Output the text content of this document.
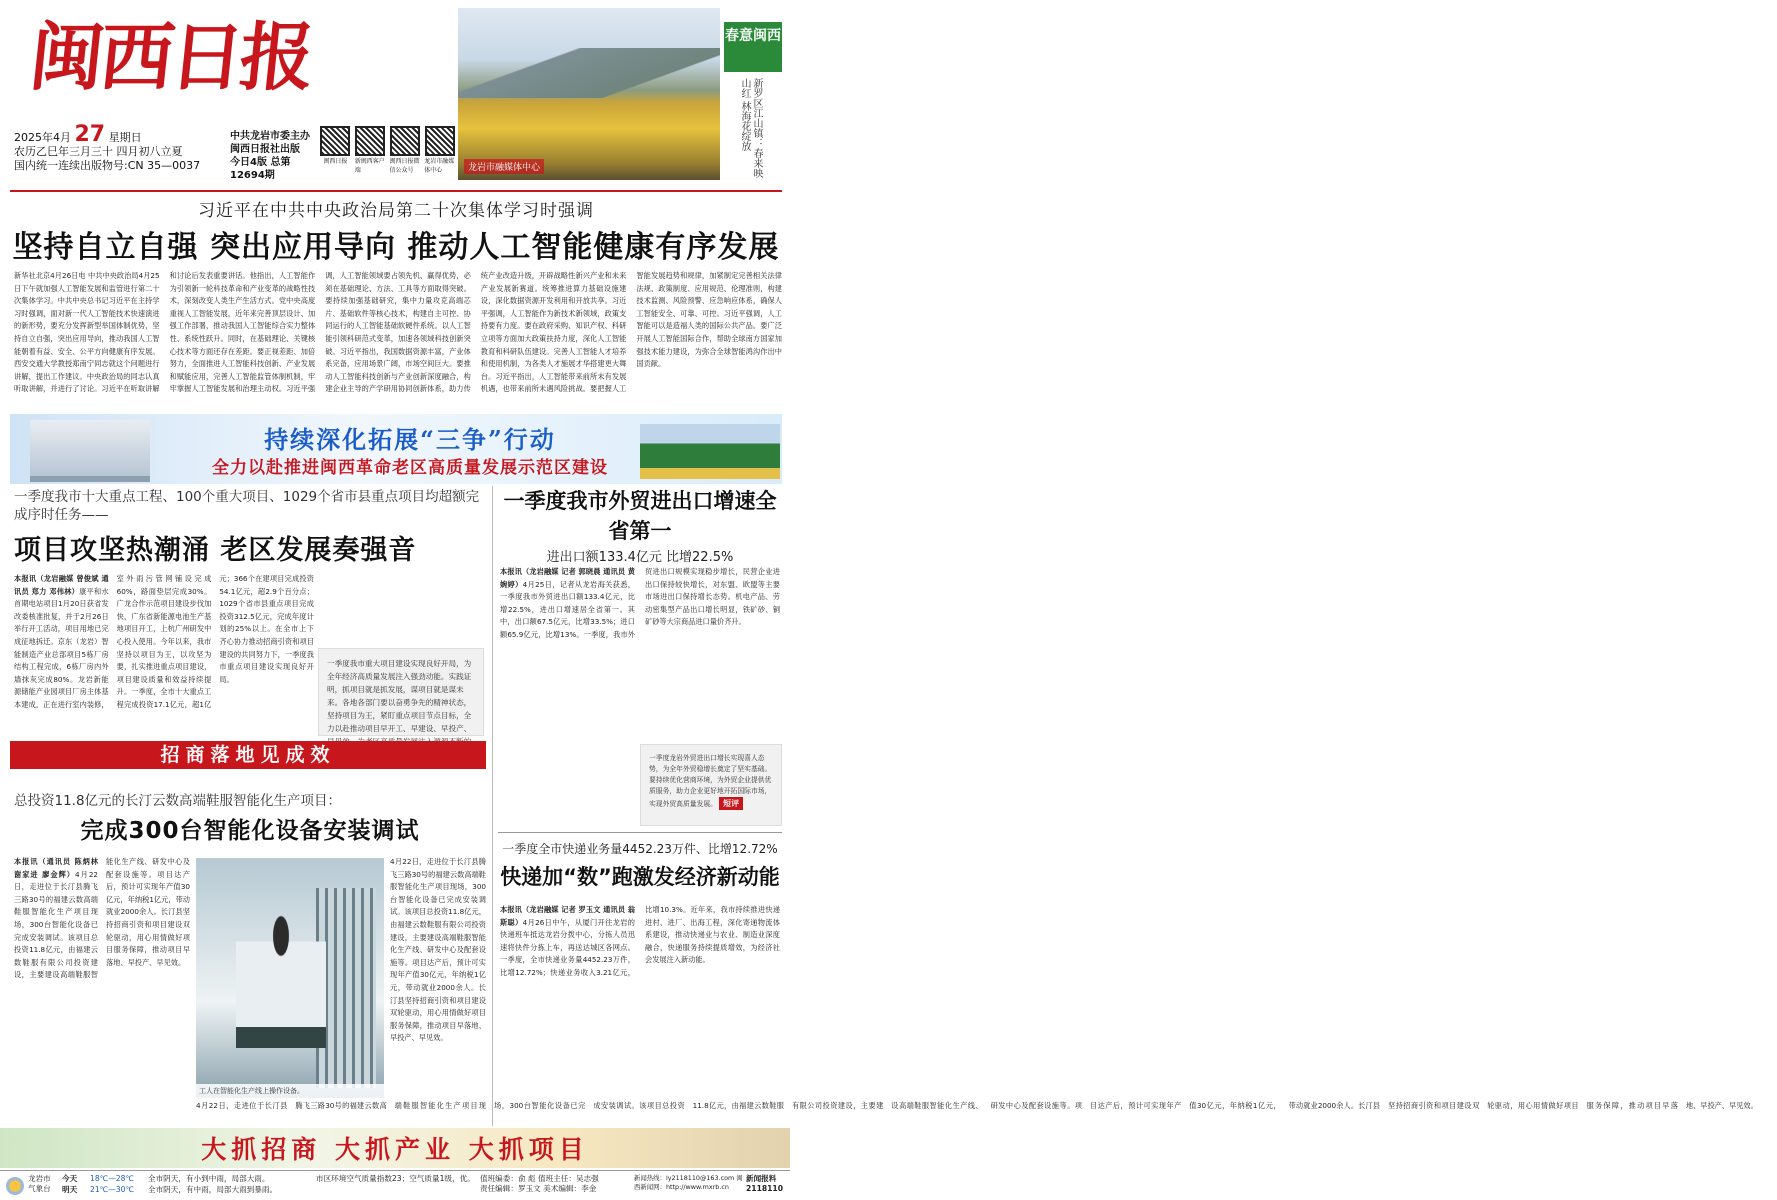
闽西日报
2025年4月 27 星期日
农历乙巳年三月三十 四月初八立夏
国内统一连续出版物号:CN 35—0037
中共龙岩市委主办
闽西日报社出版
今日4版 总第12694期
闽西日报 新闽西客户端
闽西日报微信公众号
龙岩市融媒体中心	龙岩市融媒体中心
春意闽西
新罗区江山镇：春来映山红 林海花绽放
习近平在中共中央政治局第二十次集体学习时强调
坚持自立自强 突出应用导向 推动人工智能健康有序发展
新华社北京4月26日电 中共中央政治局4月25日下午就加强人工智能发展和监管进行第二十次集体学习。中共中央总书记习近平在主持学习时强调，面对新一代人工智能技术快速演进的新形势，要充分发挥新型举国体制优势，坚持自立自强，突出应用导向，推动我国人工智能朝着有益、安全、公平方向健康有序发展。西安交通大学教授郑南宁同志就这个问题进行讲解，提出工作建议。中央政治局的同志认真听取讲解，并进行了讨论。习近平在听取讲解和讨论后发表重要讲话。他指出，人工智能作为引领新一轮科技革命和产业变革的战略性技术，深刻改变人类生产生活方式。党中央高度重视人工智能发展，近年来完善顶层设计、加强工作部署，推动我国人工智能综合实力整体性、系统性跃升。同时，在基础理论、关键核心技术等方面还存在差距。要正视差距、加倍努力，全面推进人工智能科技创新、产业发展和赋能应用，完善人工智能监管体制机制，牢牢掌握人工智能发展和治理主动权。习近平强调，人工智能领域要占领先机、赢得优势，必须在基础理论、方法、工具等方面取得突破。要持续加强基础研究，集中力量攻克高端芯片、基础软件等核心技术，构建自主可控、协同运行的人工智能基础软硬件系统。以人工智能引领科研范式变革，加速各领域科技创新突破。习近平指出，我国数据资源丰富，产业体系完备，应用场景广阔，市场空间巨大。要推动人工智能科技创新与产业创新深度融合，构建企业主导的产学研用协同创新体系，助力传统产业改造升级，开辟战略性新兴产业和未来产业发展新赛道。统筹推进算力基础设施建设，深化数据资源开发利用和开放共享。习近平强调，人工智能作为新技术新领域，政策支持要有力度。要在政府采购、知识产权、科研立项等方面加大政策扶持力度，深化人工智能教育和科研队伍建设。完善人工智能人才培养和使用机制，为各类人才施展才华搭建更大舞台。习近平指出，人工智能带来前所未有发展机遇，也带来前所未遇风险挑战。要把握人工智能发展趋势和规律，加紧制定完善相关法律法规、政策制度、应用规范、伦理准则，构建技术监测、风险预警、应急响应体系，确保人工智能安全、可靠、可控。习近平强调，人工智能可以是造福人类的国际公共产品。要广泛开展人工智能国际合作，帮助全球南方国家加强技术能力建设，为弥合全球智能鸿沟作出中国贡献。
持续深化拓展“三争”行动
全力以赴推进闽西革命老区高质量发展示范区建设
一季度我市十大重点工程、100个重大项目、1029个省市县重点项目均超额完成序时任务——
项目攻坚热潮涌 老区发展奏强音
本报讯（龙岩融媒 曾俊斌 通讯员 郑力 邓伟林）康平和水首期电站项目1月20日获省发改委核准批复，并于2月26日举行开工活动，项目用地已完成征地拆迁。京东（龙岩）智能制造产业总部项目5栋厂房结构工程完成，6栋厂房内外墙抹灰完成80%。龙岩新能源储能产业园项目厂房主体基本建成，正在进行室内装修，室外雨污管网铺设完成60%，路面垫层完成30%。广龙合作示范项目建设步伐加快，广东省新能源电池生产基地项目开工，上杭广州研发中心投入使用。今年以来，我市坚持以项目为王，以攻坚为要，扎实推进重点项目建设，项目建设质量和效益持续提升。一季度，全市十大重点工程完成投资17.1亿元，超1亿元；366个在建项目完成投资54.1亿元，超2.9个百分点；1029个省市县重点项目完成投资312.5亿元，完成年度计划的25%以上。在全市上下齐心协力推动招商引资和项目建设的共同努力下，一季度我市重点项目建设实现良好开局。
一季度我市重大项目建设实现良好开局，为全年经济高质量发展注入强劲动能。实践证明，抓项目就是抓发展，谋项目就是谋未来。各地各部门要以奋勇争先的精神状态，坚持项目为王，紧盯重点项目节点目标，全力以赴推动项目早开工、早建设、早投产、
一季度我市外贸进出口增速全省第一
进出口额133.4亿元 比增22.5%
本报讯（龙岩融媒 记者 郭晓晨 通讯员 黄婉婷）4月25日，记者从龙岩海关获悉，一季度我市外贸进出口额133.4亿元，比增22.5%，进出口增速居全省第一。其中，出口额67.5亿元，比增33.5%；进口额65.9亿元，比增13%。一季度，我市外贸进出口规模实现稳步增长，民营企业进出口保持较快增长，对东盟、欧盟等主要市场进出口保持增长态势。机电产品、劳动密集型产品出口增长明显，铁矿砂、铜矿砂等大宗商品进口量价齐升。
一季度龙岩外贸进出口增长实现喜人态势，为全年外贸稳增长奠定了坚实基础。要持续优化营商环境，为外贸企业提供优质服务，助力企业更好地开拓国际市场，实现外贸高质量发展。 短评
招商落地见成效
总投资11.8亿元的长汀云数高端鞋服智能化生产项目：
完成300台智能化设备安装调试
本报讯（通讯员 陈炳林 谢家进 廖金辉）4月22日，走进位于长汀县腾飞三路30号的福建云数高端鞋服智能化生产项目现场，300台智能化设备已完成安装调试。该项目总投资11.8亿元，由福建云数鞋服有限公司投资建设，主要建设高端鞋服智能化生产线、研发中心及配套设施等。项目达产后，预计可实现年产值30亿元，年纳税1亿元，带动就业2000余人。长汀县坚持招商引资和项目建设双轮驱动，用心用情做好项目服务保障，推动项目早落地、早投产、早见效。
工人在智能化生产线上操作设备。
4月22日，走进位于长汀县腾飞三路30号的福建云数高端鞋服智能化生产项目现场，300台智能化设备已完成安装调试。该项目总投资11.8亿元，由福建云数鞋服有限公司投资建设，主要建设高端鞋服智能化生产线、研发中心及配套设施等。项目达产后，预计可实现年产值30亿元，年纳税1亿元，带动就业2000余人。长汀县坚持招商引资和项目建设双轮驱动，用心用情做好项目服务保障，推动项目早落地、早投产、早见效。
4月22日，走进位于长汀县腾飞三路30号的福建云数高端鞋服智能化生产项目现场，300台智能化设备已完成安装调试。该项目总投资11.8亿元，由福建云数鞋服有限公司投资建设，主要建设高端鞋服智能化生产线、研发中心及配套设施等。项目达产后，预计可实现年产值30亿元，年纳税1亿元，带动就业2000余人。长汀县坚持招商引资和项目建设双轮驱动，用心用情做好项目服务保障，推动项目早落地、早投产、早见效。
一季度全市快递业务量4452.23万件、比增12.72%
快递加“数”跑激发经济新动能
本报讯（龙岩融媒 记者 罗玉文 通讯员 翁斯聪）4月26日中午，从厦门开往龙岩的快递班车抵达龙岩分拨中心，分拣人员迅速将快件分拣上车，再送达城区各网点。一季度，全市快递业务量4452.23万件，比增12.72%；快递业务收入3.21亿元，比增10.3%。近年来，我市持续推进快递进村、进厂、出海工程，深化寄递物流体系建设，推动快递业与农业、制造业深度融合，快递服务持续提质增效，为经济社会发展注入新动能。
大抓招商 大抓产业 大抓项目
龙岩市气象台
今天
明天
18℃—28℃
21℃—30℃
全市阴天，有小到中雨，局部大雨。
全市阴天，有中雨，局部大雨到暴雨。
市区环境空气质量指数23；空气质量1级，优。 值班编委：俞 彪 值班主任：吴志强
责任编辑：罗玉文 美术编辑：李金
新闻热线：ly2118110@163.com 闽西新闻网：http://www.mxrb.cn
新闻报料
2118110
